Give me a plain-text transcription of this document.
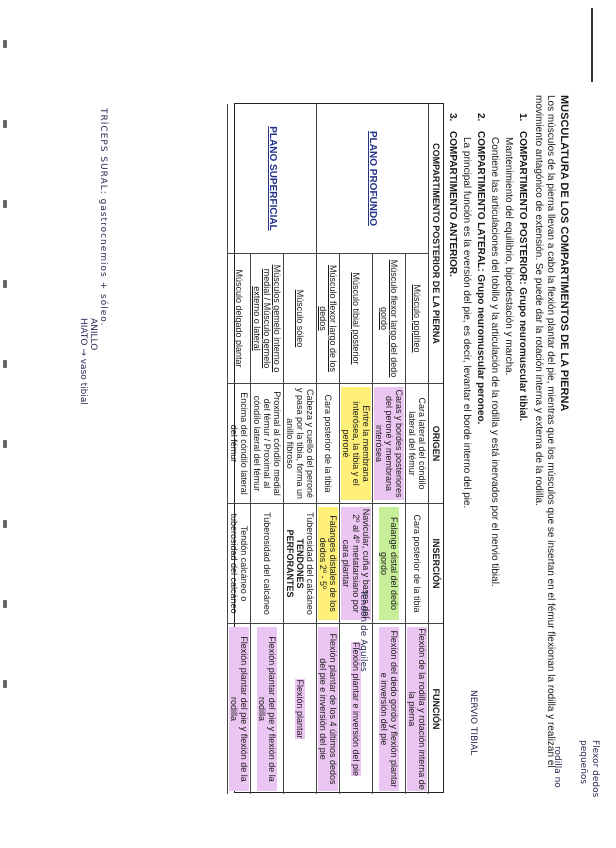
MUSCULATURA DE LOS COMPARTIMENTOS DE LA PIERNA
Los músculos de la pierna llevan a cabo la flexión plantar del pie, mientras que los músculos que se insertan en el fémur flexionan la rodilla y realizan el
movimiento antagónico de extensión. Se puede dar la rotación interna y externa de la rodilla.
1.COMPARTIMENTO POSTERIOR: Grupo neuromuscular tibial.
Mantenimiento del equilibrio, bipedestación y marcha.
Contiene las articulaciones del tobillo y la articulación de la rodilla y está inervados por el nervio tibial.
2.COMPARTIMENTO LATERAL: Grupo neuromuscular peroneo.
La principal función es la eversión del pie, es decir, levantar el borde interno del pie.
3.COMPARTIMENTO ANTERIOR.
COMPARTIMENTO POSTERIOR DE LA PIERNA
ORIGEN
INSERCIÓN
FUNCIÓN
PLANO PROFUNDO
PLANO SUPERFICIAL
Músculo poplíteo
Cara lateral del cóndilo lateral del fémur
Cara posterior de la tibia
Flexión de la rodilla y rotación interna de la pierna
Músculo flexor largo del dedo gordo
Caras y bordes posteriores del peroné y membrana interósea
Falange distal del dedo gordo
Flexión del dedo gordo y flexión plantar e inversión del pie
Músculo tibial posterior
Entre la membrana interósea, la tibia y el peroné
Navicular, cuña y bases del 2º al 4º metatarsiano por cara plantar
Flexión plantar e inversión del pie
Músculo flexor largo de los dedos
Cara posterior de la tibia
Falanges distales de los dedos 2º - 5º
Flexión plantar de los 4 últimos dedos del pie e inversión del pie
Músculo sóleo
Cabeza y cuello del peroné y pasa por la tibia, forma un anillo fibroso
Tuberosidad del calcáneo
TENDONES PERFORANTES
Flexión plantar
Músculos gemelo interno o medial / Músculo gemelo externo o lateral
Proximal al cóndilo medial del fémur / Proximal al cóndilo lateral del fémur
Tuberosidad del calcáneo
Flexión plantar del pie y flexión de la rodilla
Músculo delgado plantar
Encima del cóndilo lateral del fémur
Tendón calcáneo o tuberosidad del calcáneo
Flexión plantar del pie y flexión de la rodilla
TRÍCEPS SURAL: gastrocnemios + sóleo.
ANILLO
HIATO → vaso tibial
Tendón de Aquiles
NERVIO TIBIAL
rodilla no	Flexor dedos
pequeños
